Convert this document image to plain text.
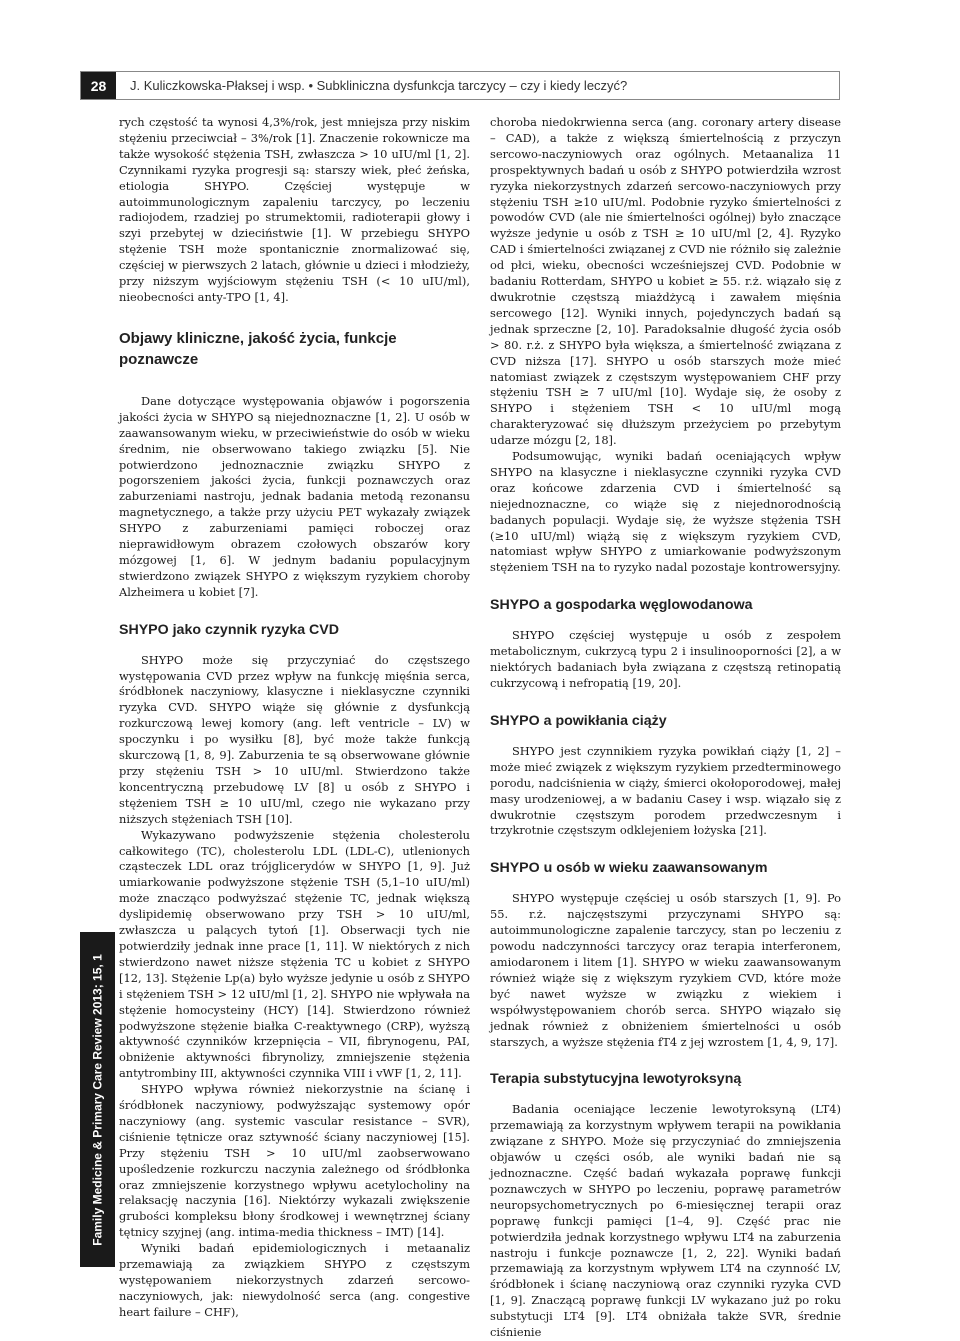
28	J. Kuliczkowska-Płaksej i wsp. • Subkliniczna dysfunkcja tarczycy – czy i kiedy leczyć?
Family Medicine & Primary Care Review 2013; 15, 1

rych częstość ta wynosi 4,3%/rok, jest mniejsza przy niskim stężeniu przeciwciał – 3%/rok [1]. Znaczenie rokownicze ma także wysokość stężenia TSH, zwłaszcza > 10 uIU/ml [1, 2]. Czynnikami ryzyka progresji są: starszy wiek, płeć żeńska, etiologia SHYPO. Częściej występuje w autoimmunologicznym zapaleniu tarczycy, po leczeniu radiojodem, rzadziej po strumektomii, radioterapii głowy i szyi przebytej w dzieciństwie [1]. W przebiegu SHYPO stężenie TSH może spontanicznie znormalizować się, częściej w pierwszych 2 latach, głównie u dzieci i młodzieży, przy niższym wyjściowym stężeniu TSH (< 10 uIU/ml), nieobecności anty-TPO [1, 4].

Objawy kliniczne, jakość życia, funkcje poznawcze

Dane dotyczące występowania objawów i pogorszenia jakości życia w SHYPO są niejednoznaczne [1, 2]. U osób w zaawansowanym wieku, w przeciwieństwie do osób w wieku średnim, nie obserwowano takiego związku [5]. Nie potwierdzono jednoznacznie związku SHYPO z pogorszeniem jakości życia, funkcji poznawczych oraz zaburzeniami nastroju, jednak badania metodą rezonansu magnetycznego, a także przy użyciu PET wykazały związek SHYPO z zaburzeniami pamięci roboczej oraz nieprawidłowym obrazem czołowych obszarów kory mózgowej [1, 6]. W jednym badaniu populacyjnym stwierdzono związek SHYPO z większym ryzykiem choroby Alzheimera u kobiet [7].

SHYPO jako czynnik ryzyka CVD

SHYPO może się przyczyniać do częstszego występowania CVD przez wpływ na funkcję mięśnia serca, śródbłonek naczyniowy, klasyczne i nieklasyczne czynniki ryzyka CVD. SHYPO wiąże się głównie z dysfunkcją rozkurczową lewej komory (ang. left ventricle – LV) w spoczynku i po wysiłku [8], być może także funkcją skurczową [1, 8, 9]. Zaburzenia te są obserwowane głównie przy stężeniu TSH > 10 uIU/ml. Stwierdzono także koncentryczną przebudowę LV [8] u osób z SHYPO i stężeniem TSH ≥ 10 uIU/ml, czego nie wykazano przy niższych stężeniach TSH [10].

Wykazywano podwyższenie stężenia cholesterolu całkowitego (TC), cholesterolu LDL (LDL-C), utlenionych cząsteczek LDL oraz trójglicerydów w SHYPO [1, 9]. Już umiarkowanie podwyższone stężenie TSH (5,1–10 uIU/ml) może znacząco podwyższać stężenie TC, jednak większą dyslipidemię obserwowano przy TSH > 10 uIU/ml, zwłaszcza u palących tytoń [1]. Obserwacji tych nie potwierdziły jednak inne prace [1, 11]. W niektórych z nich stwierdzono nawet niższe stężenia TC u kobiet z SHYPO [12, 13]. Stężenie Lp(a) było wyższe jedynie u osób z SHYPO i stężeniem TSH > 12 uIU/ml [1, 2]. SHYPO nie wpływała na stężenie homocysteiny (HCY) [14]. Stwierdzono również podwyższone stężenie białka C-reaktywnego (CRP), wyższą aktywność czynników krzepnięcia – VII, fibrynogenu, PAI, obniżenie aktywności fibrynolizy, zmniejszenie stężenia antytrombiny III, aktywności czynnika VIII i vWF [1, 2, 11].

SHYPO wpływa również niekorzystnie na ścianę i śródbłonek naczyniowy, podwyższając systemowy opór naczyniowy (ang. systemic vascular resistance – SVR), ciśnienie tętnicze oraz sztywność ściany naczyniowej [15]. Przy stężeniu TSH > 10 uIU/ml zaobserwowano upośledzenie rozkurczu naczynia zależnego od śródbłonka oraz zmniejszenie korzystnego wpływu acetylocholiny na relaksację naczynia [16]. Niektórzy wykazali zwiększenie grubości kompleksu błony środkowej i wewnętrznej ściany tętnicy szyjnej (ang. intima-media thickness – IMT) [14].

Wyniki badań epidemiologicznych i metaanaliz przemawiają za związkiem SHYPO z częstszym występowaniem niekorzystnych zdarzeń sercowo-naczyniowych, jak: niewydolność serca (ang. congestive heart failure – CHF),

choroba niedokrwienna serca (ang. coronary artery disease – CAD), a także z większą śmiertelnością z przyczyn sercowo-naczyniowych oraz ogólnych. Metaanaliza 11 prospektywnych badań u osób z SHYPO potwierdziła wzrost ryzyka niekorzystnych zdarzeń sercowo-naczyniowych przy stężeniu TSH ≥10 uIU/ml. Podobnie ryzyko śmiertelności z powodów CVD (ale nie śmiertelności ogólnej) było znaczące wyższe jedynie u osób z TSH ≥ 10 uIU/ml [2, 4]. Ryzyko CAD i śmiertelności związanej z CVD nie różniło się zależnie od płci, wieku, obecności wcześniejszej CVD. Podobnie w badaniu Rotterdam, SHYPO u kobiet ≥ 55. r.ż. wiązało się z dwukrotnie częstszą miażdżycą i zawałem mięśnia sercowego [12]. Wyniki innych, pojedynczych badań są jednak sprzeczne [2, 10]. Paradoksalnie długość życia osób > 80. r.ż. z SHYPO była większa, a śmiertelność związana z CVD niższa [17]. SHYPO u osób starszych może mieć natomiast związek z częstszym występowaniem CHF przy stężeniu TSH ≥ 7 uIU/ml [10]. Wydaje się, że osoby z SHYPO i stężeniem TSH < 10 uIU/ml mogą charakteryzować się dłuższym przeżyciem po przebytym udarze mózgu [2, 18].

Podsumowując, wyniki badań oceniających wpływ SHYPO na klasyczne i nieklasyczne czynniki ryzyka CVD oraz końcowe zdarzenia CVD i śmiertelność są niejednoznaczne, co wiąże się z niejednorodnością badanych populacji. Wydaje się, że wyższe stężenia TSH (≥10 uIU/ml) wiążą się z większym ryzykiem CVD, natomiast wpływ SHYPO z umiarkowanie podwyższonym stężeniem TSH na to ryzyko nadal pozostaje kontrowersyjny.

SHYPO a gospodarka węglowodanowa

SHYPO częściej występuje u osób z zespołem metabolicznym, cukrzycą typu 2 i insulinooporności [2], a w niektórych badaniach była związana z częstszą retinopatią cukrzycową i nefropatią [19, 20].

SHYPO a powikłania ciąży

SHYPO jest czynnikiem ryzyka powikłań ciąży [1, 2] – może mieć związek z większym ryzykiem przedterminowego porodu, nadciśnienia w ciąży, śmierci okołoporodowej, małej masy urodzeniowej, a w badaniu Casey i wsp. wiązało się z dwukrotnie częstszym porodem przedwczesnym i trzykrotnie częstszym odklejeniem łożyska [21].

SHYPO u osób w wieku zaawansowanym

SHYPO występuje częściej u osób starszych [1, 9]. Po 55. r.ż. najczęstszymi przyczynami SHYPO są: autoimmunologiczne zapalenie tarczycy, stan po leczeniu z powodu nadczynności tarczycy oraz terapia interferonem, amiodaronem i litem [1]. SHYPO w wieku zaawansowanym również wiąże się z większym ryzykiem CVD, które może być nawet wyższe w związku z wiekiem i współwystępowaniem chorób serca. SHYPO wiązało się jednak również z obniżeniem śmiertelności u osób starszych, a wyższe stężenia fT4 z jej wzrostem [1, 4, 9, 17].

Terapia substytucyjna lewotyroksyną

Badania oceniające leczenie lewotyroksyną (LT4) przemawiają za korzystnym wpływem terapii na powikłania związane z SHYPO. Może się przyczyniać do zmniejszenia objawów u części osób, ale wyniki badań nie są jednoznaczne. Część badań wykazała poprawę funkcji poznawczych w SHYPO po leczeniu, poprawę parametrów neuropsychometrycznych po 6-miesięcznej terapii oraz poprawę funkcji pamięci [1–4, 9]. Część prac nie potwierdziła jednak korzystnego wpływu LT4 na zaburzenia nastroju i funkcje poznawcze [1, 2, 22]. Wyniki badań przemawiają za korzystnym wpływem LT4 na czynność LV, śródbłonek i ścianę naczyniową oraz czynniki ryzyka CVD [1, 9]. Znaczącą poprawę funkcji LV wykazano już po roku substytucji LT4 [9]. LT4 obniżała także SVR, średnie ciśnienie
